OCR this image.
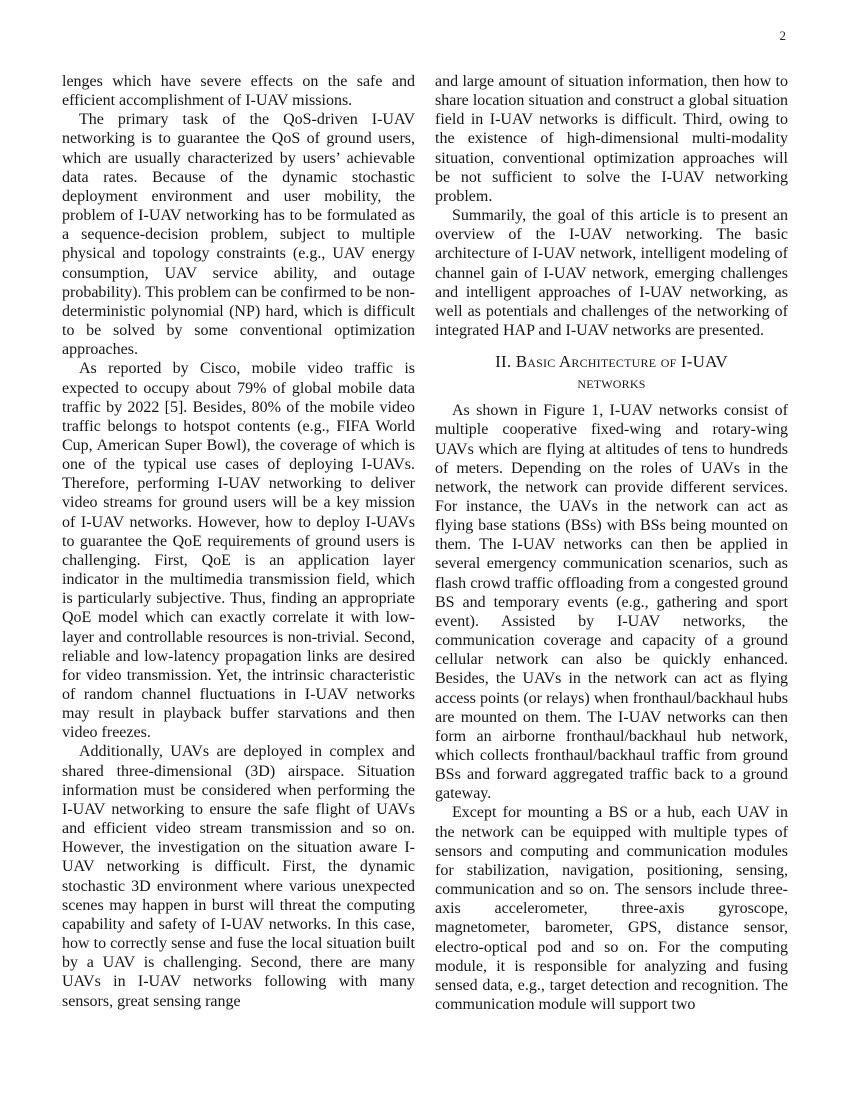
2

lenges which have severe effects on the safe and efficient accomplishment of I-UAV missions.

The primary task of the QoS-driven I-UAV networking is to guarantee the QoS of ground users, which are usually characterized by users’ achievable data rates. Because of the dynamic stochastic deployment environment and user mobility, the problem of I-UAV networking has to be formulated as a sequence-decision problem, subject to multiple physical and topology constraints (e.g., UAV energy consumption, UAV service ability, and outage probability). This problem can be confirmed to be non-deterministic polynomial (NP) hard, which is difficult to be solved by some conventional optimization approaches.

As reported by Cisco, mobile video traffic is expected to occupy about 79% of global mobile data traffic by 2022 [5]. Besides, 80% of the mobile video traffic belongs to hotspot contents (e.g., FIFA World Cup, American Super Bowl), the coverage of which is one of the typical use cases of deploying I-UAVs. Therefore, performing I-UAV networking to deliver video streams for ground users will be a key mission of I-UAV networks. However, how to deploy I-UAVs to guarantee the QoE requirements of ground users is challenging. First, QoE is an application layer indicator in the multimedia transmission field, which is particularly subjective. Thus, finding an appropriate QoE model which can exactly correlate it with low-layer and controllable resources is non-trivial. Second, reliable and low-latency propagation links are desired for video transmission. Yet, the intrinsic characteristic of random channel fluctuations in I-UAV networks may result in playback buffer starvations and then video freezes.

Additionally, UAVs are deployed in complex and shared three-dimensional (3D) airspace. Situation information must be considered when performing the I-UAV networking to ensure the safe flight of UAVs and efficient video stream transmission and so on. However, the investigation on the situation aware I-UAV networking is difficult. First, the dynamic stochastic 3D environment where various unexpected scenes may happen in burst will threat the computing capability and safety of I-UAV networks. In this case, how to correctly sense and fuse the local situation built by a UAV is challenging. Second, there are many UAVs in I-UAV networks following with many sensors, great sensing range

and large amount of situation information, then how to share location situation and construct a global situation field in I-UAV networks is difficult. Third, owing to the existence of high-dimensional multi-modality situation, conventional optimization approaches will be not sufficient to solve the I-UAV networking problem.

Summarily, the goal of this article is to present an overview of the I-UAV networking. The basic architecture of I-UAV network, intelligent modeling of channel gain of I-UAV network, emerging challenges and intelligent approaches of I-UAV networking, as well as potentials and challenges of the networking of integrated HAP and I-UAV networks are presented.

II. Basic Architecture of I-UAV
networks

As shown in Figure 1, I-UAV networks consist of multiple cooperative fixed-wing and rotary-wing UAVs which are flying at altitudes of tens to hundreds of meters. Depending on the roles of UAVs in the network, the network can provide different services. For instance, the UAVs in the network can act as flying base stations (BSs) with BSs being mounted on them. The I-UAV networks can then be applied in several emergency communication scenarios, such as flash crowd traffic offloading from a congested ground BS and temporary events (e.g., gathering and sport event). Assisted by I-UAV networks, the communication coverage and capacity of a ground cellular network can also be quickly enhanced. Besides, the UAVs in the network can act as flying access points (or relays) when fronthaul/backhaul hubs are mounted on them. The I-UAV networks can then form an airborne fronthaul/backhaul hub network, which collects fronthaul/backhaul traffic from ground BSs and forward aggregated traffic back to a ground gateway.

Except for mounting a BS or a hub, each UAV in the network can be equipped with multiple types of sensors and computing and communication modules for stabilization, navigation, positioning, sensing, communication and so on. The sensors include three-axis accelerometer, three-axis gyroscope, magnetometer, barometer, GPS, distance sensor, electro-optical pod and so on. For the computing module, it is responsible for analyzing and fusing sensed data, e.g., target detection and recognition. The communication module will support two
